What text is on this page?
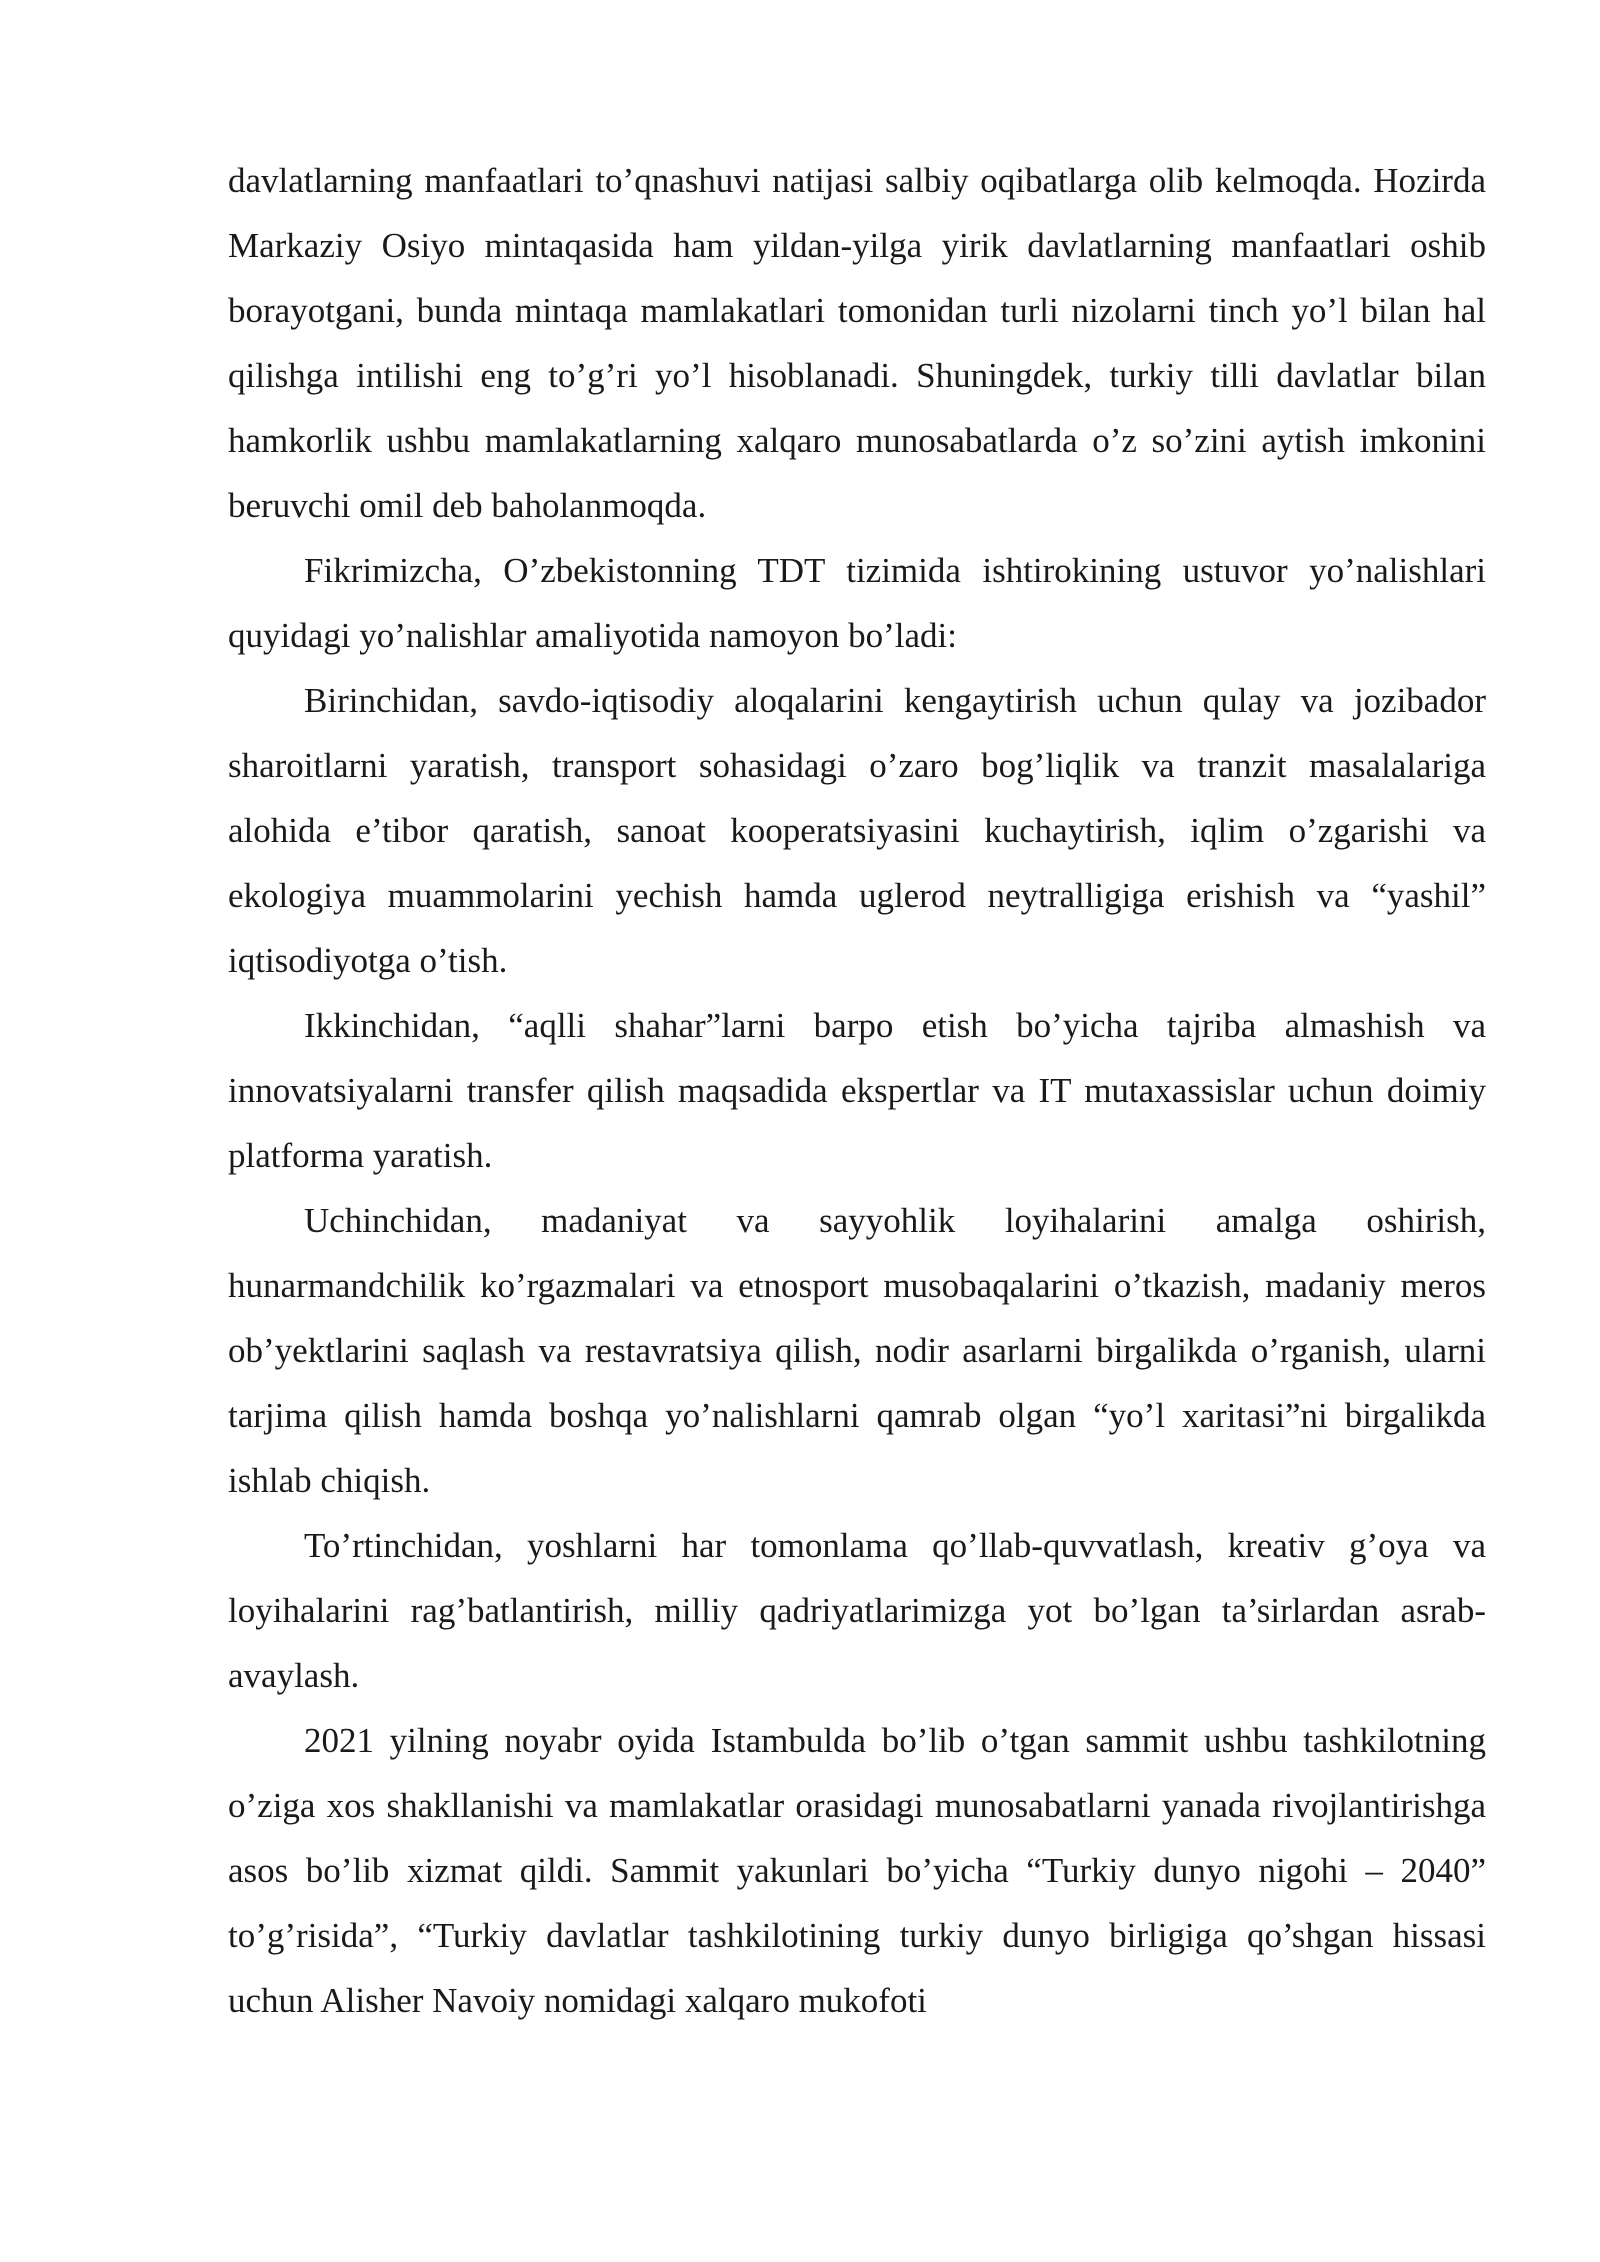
davlatlarning manfaatlari to’qnashuvi natijasi salbiy oqibatlarga olib kelmoqda. Hozirda Markaziy Osiyo mintaqasida ham yildan-yilga yirik davlatlarning manfaatlari oshib borayotgani, bunda mintaqa mamlakatlari tomonidan turli nizolarni tinch yo’l bilan hal qilishga intilishi eng to’g’ri yo’l hisoblanadi. Shuningdek, turkiy tilli davlatlar bilan hamkorlik ushbu mamlakatlarning xalqaro munosabatlarda o’z so’zini aytish imkonini beruvchi omil deb baholanmoqda.

Fikrimizcha, O’zbekistonning TDT tizimida ishtirokining ustuvor yo’nalishlari quyidagi yo’nalishlar amaliyotida namoyon bo’ladi:

Birinchidan, savdo-iqtisodiy aloqalarini kengaytirish uchun qulay va jozibador sharoitlarni yaratish, transport sohasidagi o’zaro bog’liqlik va tranzit masalalariga alohida e’tibor qaratish, sanoat kooperatsiyasini kuchaytirish, iqlim o’zgarishi va ekologiya muammolarini yechish hamda uglerod neytralligiga erishish va “yashil” iqtisodiyotga o’tish.

Ikkinchidan, “aqlli shahar”larni barpo etish bo’yicha tajriba almashish va innovatsiyalarni transfer qilish maqsadida ekspertlar va IT mutaxassislar uchun doimiy platforma yaratish.

Uchinchidan, madaniyat va sayyohlik loyihalarini amalga oshirish, hunarmandchilik ko’rgazmalari va etnosport musobaqalarini o’tkazish, madaniy meros ob’yektlarini saqlash va restavratsiya qilish, nodir asarlarni birgalikda o’rganish, ularni tarjima qilish hamda boshqa yo’nalishlarni qamrab olgan “yo’l xaritasi”ni birgalikda ishlab chiqish.

To’rtinchidan, yoshlarni har tomonlama qo’llab-quvvatlash, kreativ g’oya va loyihalarini rag’batlantirish, milliy qadriyatlarimizga yot bo’lgan ta’sirlardan asrab-avaylash.

2021 yilning noyabr oyida Istambulda bo’lib o’tgan sammit ushbu tashkilotning o’ziga xos shakllanishi va mamlakatlar orasidagi munosabatlarni yanada rivojlantirishga asos bo’lib xizmat qildi. Sammit yakunlari bo’yicha “Turkiy dunyo nigohi – 2040” to’g’risida”, “Turkiy davlatlar tashkilotining turkiy dunyo birligiga qo’shgan hissasi uchun Alisher Navoiy nomidagi xalqaro mukofoti
